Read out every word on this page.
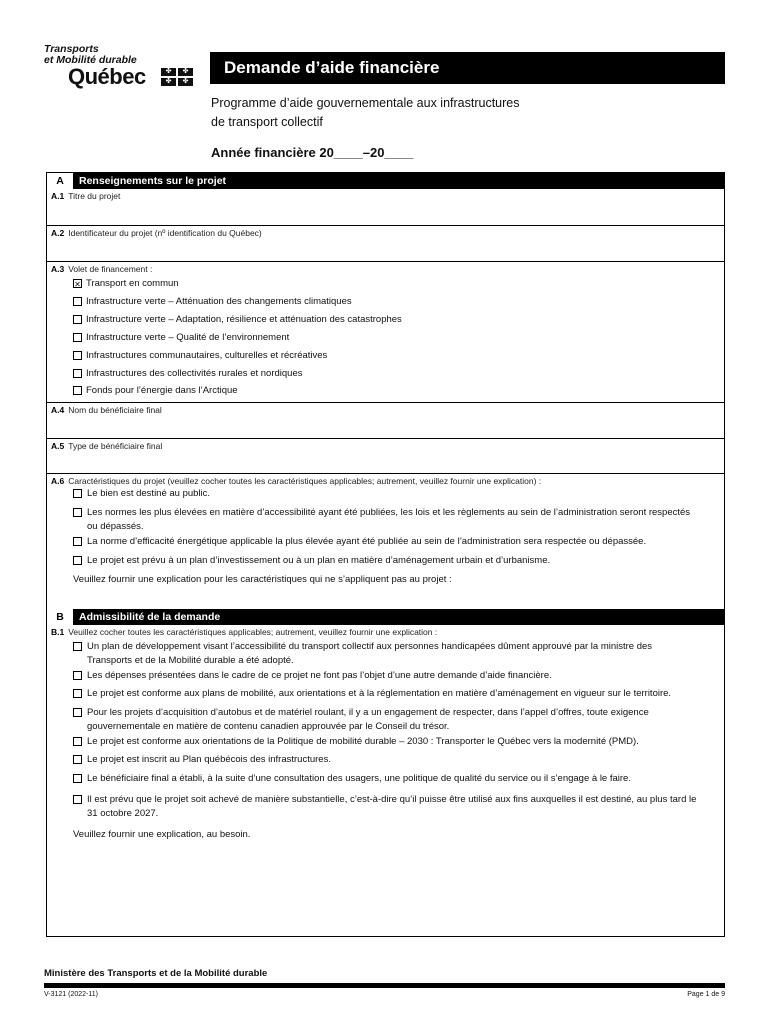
Transports
et Mobilité durable
Québec	✤	✤
✤	✤
Demande d’aide financière
Programme d’aide gouvernementale aux infrastructures
de transport collectif
Année financière 20____–20____
A	Renseignements sur le projet
A.1 Titre du projet
A.2 Identificateur du projet (nº identification du Québec)
A.3 Volet de financement :
✕ Transport en commun
Infrastructure verte – Atténuation des changements climatiques
Infrastructure verte – Adaptation, résilience et atténuation des catastrophes
Infrastructure verte – Qualité de l’environnement
Infrastructures communautaires, culturelles et récréatives
Infrastructures des collectivités rurales et nordiques
Fonds pour l’énergie dans l’Arctique
A.4 Nom du bénéficiaire final
A.5 Type de bénéficiaire final
A.6 Caractéristiques du projet (veuillez cocher toutes les caractéristiques applicables; autrement, veuillez fournir une explication) :
Le bien est destiné au public.
Les normes les plus élevées en matière d’accessibilité ayant été publiées, les lois et les règlements au sein de l’administration seront respectés ou dépassés.
La norme d’efficacité énergétique applicable la plus élevée ayant été publiée au sein de l’administration sera respectée ou dépassée.
Le projet est prévu à un plan d’investissement ou à un plan en matière d’aménagement urbain et d’urbanisme.
Veuillez fournir une explication pour les caractéristiques qui ne s’appliquent pas au projet :
B	Admissibilité de la demande
B.1 Veuillez cocher toutes les caractéristiques applicables; autrement, veuillez fournir une explication :
Un plan de développement visant l’accessibilité du transport collectif aux personnes handicapées dûment approuvé par la ministre des Transports et de la Mobilité durable a été adopté.
Les dépenses présentées dans le cadre de ce projet ne font pas l’objet d’une autre demande d’aide financière.
Le projet est conforme aux plans de mobilité, aux orientations et à la réglementation en matière d’aménagement en vigueur sur le territoire.
Pour les projets d’acquisition d’autobus et de matériel roulant, il y a un engagement de respecter, dans l’appel d’offres, toute exigence gouvernementale en matière de contenu canadien approuvée par le Conseil du trésor.
Le projet est conforme aux orientations de la Politique de mobilité durable – 2030 : Transporter le Québec vers la modernité (PMD).
Le projet est inscrit au Plan québécois des infrastructures.
Le bénéficiaire final a établi, à la suite d’une consultation des usagers, une politique de qualité du service ou il s’engage à le faire.
Il est prévu que le projet soit achevé de manière substantielle, c’est-à-dire qu’il puisse être utilisé aux fins auxquelles il est destiné, au plus tard le 31 octobre 2027.
Veuillez fournir une explication, au besoin.
Ministère des Transports et de la Mobilité durable
V-3121 (2022-11)	Page 1 de 9
